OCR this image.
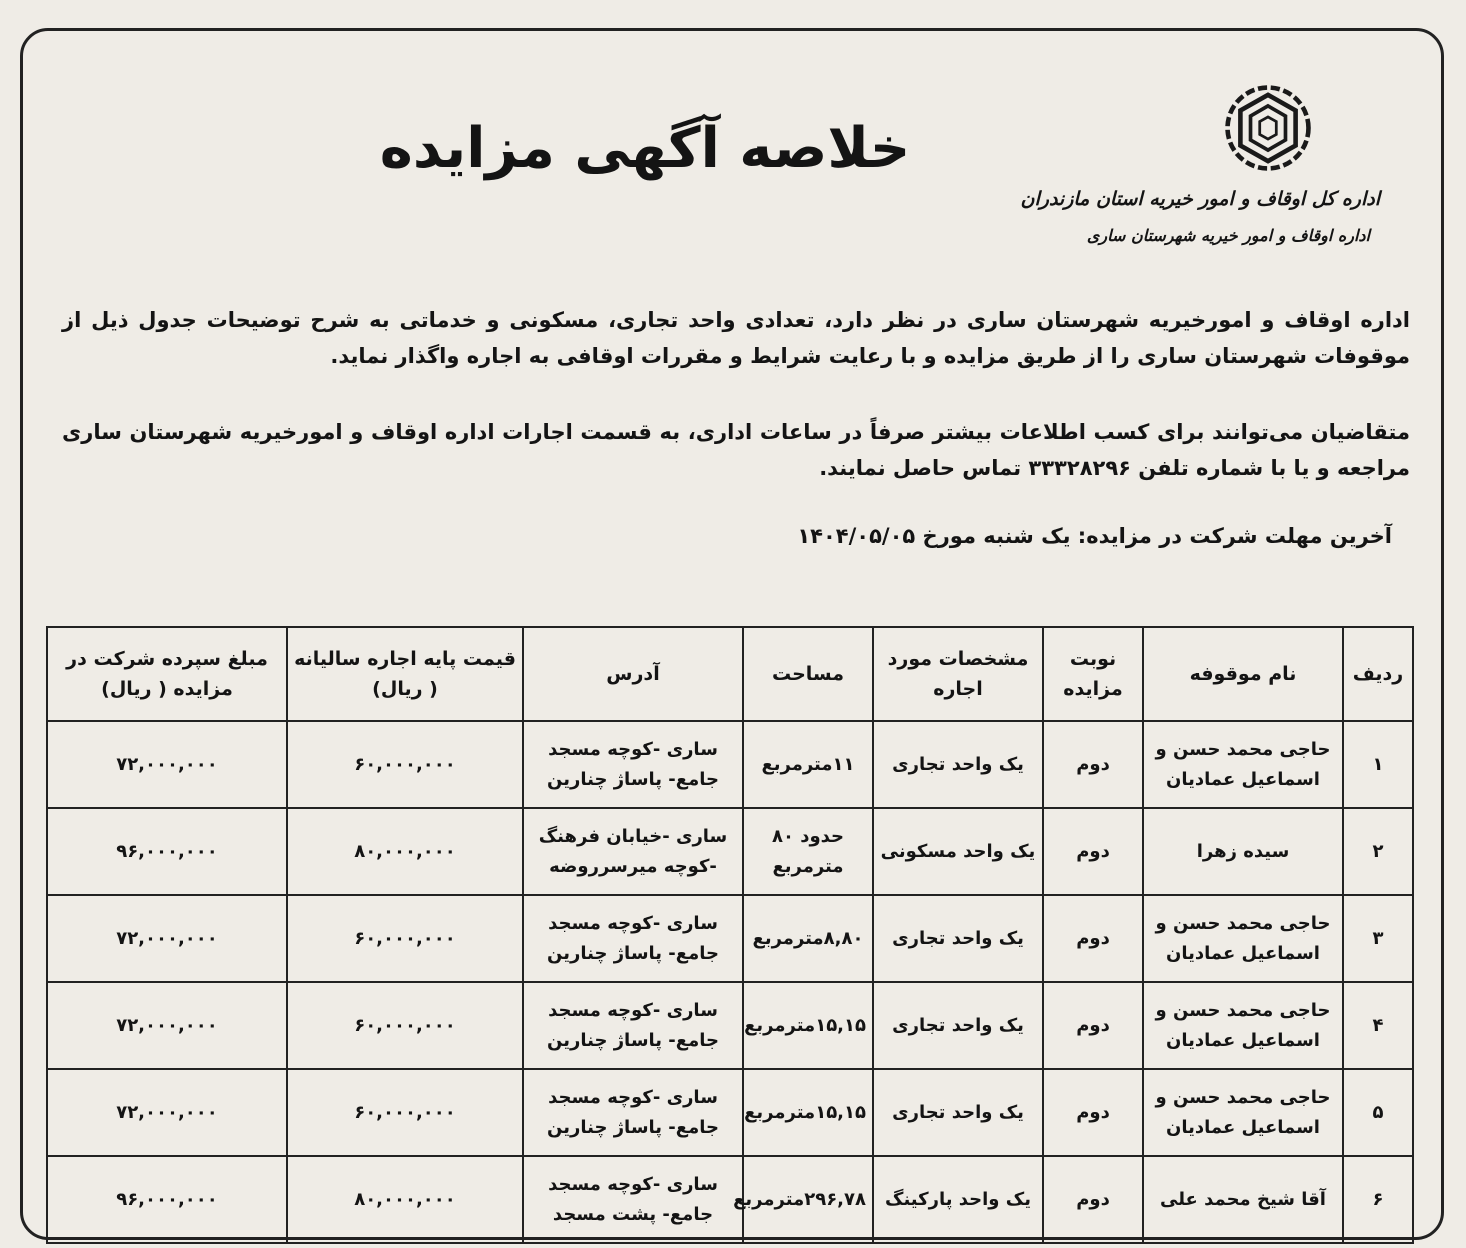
خلاصه آگهی مزایده

اداره کل اوقاف و امور خیریه استان مازندران

اداره اوقاف و امور خیریه شهرستان ساری

اداره اوقاف و امورخیریه شهرستان ساری در نظر دارد، تعدادی واحد تجاری، مسکونی و خدماتی به شرح توضیحات جدول ذیل از موقوفات شهرستان ساری را از طریق مزایده و با رعایت شرایط و مقررات اوقافی به اجاره واگذار نماید.

متقاضیان می‌توانند برای کسب اطلاعات بیشتر صرفاً در ساعات اداری، به قسمت اجارات اداره اوقاف و امورخیریه شهرستان ساری مراجعه و یا با شماره تلفن ۳۳۳۲۸۲۹۶ تماس حاصل نمایند.

آخرین مهلت شرکت در مزایده: یک شنبه مورخ ۱۴۰۴/۰۵/۰۵

ردیف	نام موقوفه	نوبت مزایده	مشخصات مورد اجاره	مساحت	آدرس	قیمت پایه اجاره سالیانه ( ریال)	مبلغ سپرده شرکت در مزایده ( ریال)
۱	حاجی محمد حسن و اسماعیل عمادیان	دوم	یک واحد تجاری	۱۱مترمربع	ساری -کوچه مسجد جامع- پاساژ چنارین	۶۰,۰۰۰,۰۰۰	۷۲,۰۰۰,۰۰۰
۲	سیده زهرا	دوم	یک واحد مسکونی	حدود ۸۰ مترمربع	ساری -خیابان فرهنگ -کوچه میرسرروضه	۸۰,۰۰۰,۰۰۰	۹۶,۰۰۰,۰۰۰
۳	حاجی محمد حسن و اسماعیل عمادیان	دوم	یک واحد تجاری	۸,۸۰مترمربع	ساری -کوچه مسجد جامع- پاساژ چنارین	۶۰,۰۰۰,۰۰۰	۷۲,۰۰۰,۰۰۰
۴	حاجی محمد حسن و اسماعیل عمادیان	دوم	یک واحد تجاری	۱۵,۱۵مترمربع	ساری -کوچه مسجد جامع- پاساژ چنارین	۶۰,۰۰۰,۰۰۰	۷۲,۰۰۰,۰۰۰
۵	حاجی محمد حسن و اسماعیل عمادیان	دوم	یک واحد تجاری	۱۵,۱۵مترمربع	ساری -کوچه مسجد جامع- پاساژ چنارین	۶۰,۰۰۰,۰۰۰	۷۲,۰۰۰,۰۰۰
۶	آقا شیخ محمد علی	دوم	یک واحد پارکینگ	۲۹۶,۷۸مترمربع	ساری -کوچه مسجد جامع- پشت مسجد	۸۰,۰۰۰,۰۰۰	۹۶,۰۰۰,۰۰۰
